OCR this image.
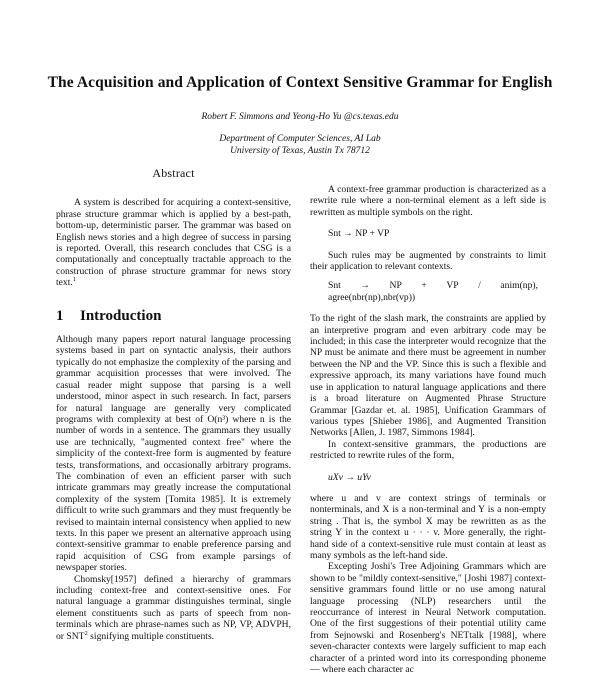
The Acquisition and Application of Context Sensitive Grammar for English
Robert F. Simmons and Yeong-Ho Yu @cs.texas.edu
Department of Computer Sciences, AI Lab
University of Texas, Austin Tx 78712
Abstract

A system is described for acquiring a context-sensitive, phrase structure grammar which is applied by a best-path, bottom-up, deterministic parser. The grammar was based on English news stories and a high degree of success in parsing is reported. Overall, this research concludes that CSG is a computationally and conceptually tractable approach to the construction of phrase structure grammar for news story text.$^1$

1 Introduction

Although many papers report natural language processing systems based in part on syntactic analysis, their authors typically do not emphasize the complexity of the parsing and grammar acquisition processes that were involved. The casual reader might suppose that parsing is a well understood, minor aspect in such research. In fact, parsers for natural language are generally very complicated programs with complexity at best of O(n³) where n is the number of words in a sentence. The grammars they usually use are technically, "augmented context free" where the simplicity of the context-free form is augmented by feature tests, transformations, and occasionally arbitrary programs. The combination of even an efficient parser with such intricate grammars may greatly increase the computational complexity of the system [Tomita 1985]. It is extremely difficult to write such grammars and they must frequently be revised to maintain internal consistency when applied to new texts. In this paper we present an alternative approach using context-sensitive grammar to enable preference parsing and rapid acquisition of CSG from example parsings of newspaper stories.

Chomsky[1957] defined a hierarchy of grammars including context-free and context-sensitive ones. For natural language a grammar distinguishes terminal, single element constituents such as parts of speech from non-terminals which are phrase-names such as NP, VP, ADVPH, or SNT$^2$ signifying multiple constituents.

A context-free grammar production is characterized as a rewrite rule where a non-terminal element as a left side is rewritten as multiple symbols on the right.

Snt → NP + VP

Such rules may be augmented by constraints to limit their application to relevant contexts.

Snt → NP + VP / anim(np),
agree(nbr(np),nbr(vp))

To the right of the slash mark, the constraints are applied by an interpretive program and even arbitrary code may be included; in this case the interpreter would recognize that the NP must be animate and there must be agreement in number between the NP and the VP. Since this is such a flexible and expressive approach, its many variations have found much use in application to natural language applications and there is a broad literature on Augmented Phrase Structure Grammar [Gazdar et. al. 1985], Unification Grammars of various types [Shieber 1986], and Augmented Transition Networks [Allen, J. 1987, Simmons 1984].

In context-sensitive grammars, the productions are restricted to rewrite rules of the form,

uXv → uYv

where u and v are context strings of terminals or nonterminals, and X is a non-terminal and Y is a non-empty string . That is, the symbol X may be rewritten as as the string Y in the context u · · · v. More generally, the right-hand side of a context-sensitive rule must contain at least as many symbols as the left-hand side.

Excepting Joshi's Tree Adjoining Grammars which are shown to be "mildly context-sensitive," [Joshi 1987] context-sensitive grammars found little or no use among natural language processing (NLP) researchers until the reoccurrance of interest in Neural Network computation. One of the first suggestions of their potential utility came from Sejnowski and Rosenberg's NETtalk [1988], where seven-character contexts were largely sufficient to map each character of a printed word into its corresponding phoneme — where each character ac
